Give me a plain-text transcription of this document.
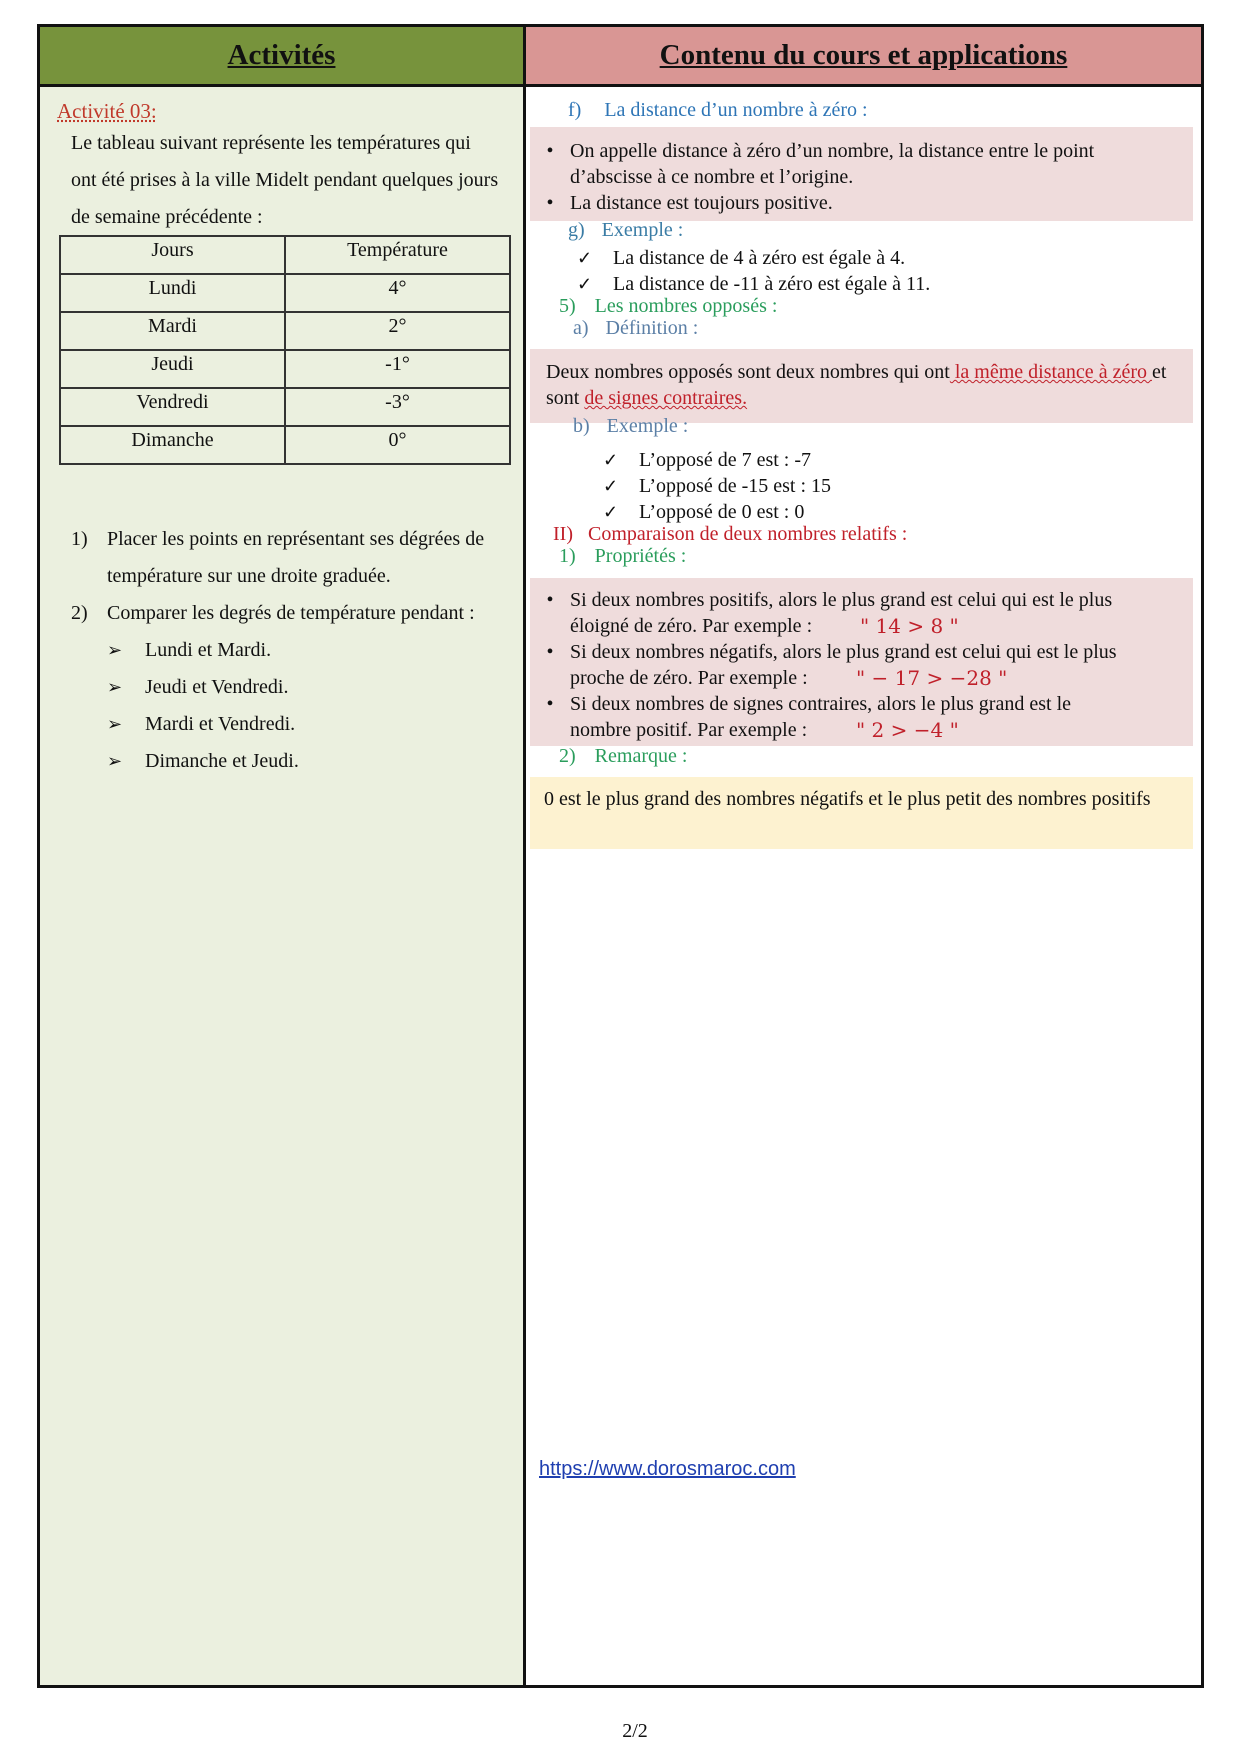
Activités
Activité 03:
Le tableau suivant représente les températures qui ont été prises à la ville Midelt pendant quelques jours de semaine précédente :
Jours	Température
Lundi	4°
Mardi	2°
Jeudi	-1°
Vendredi	-3°
Dimanche	0°
1) Placer les points en représentant ses dégrées de température sur une droite graduée.
2) Comparer les degrés de température pendant :
➢	Lundi et Mardi.
➢	Jeudi et Vendredi.
➢	Mardi et Vendredi.
➢	Dimanche et Jeudi.
Contenu du cours et applications
f) La distance d’un nombre à zéro :
• On appelle distance à zéro d’un nombre, la distance entre le point d’abscisse à ce nombre et l’origine.
• La distance est toujours positive.
g) Exemple :
✓	La distance de 4 à zéro est égale à 4.
✓	La distance de -11 à zéro est égale à 11.
5) Les nombres opposés :
a) Définition :
Deux nombres opposés sont deux nombres qui ont la même distance à zéro et sont de signes contraires.
b) Exemple :
✓	L’opposé de 7 est : -7
✓	L’opposé de -15 est : 15
✓	L’opposé de 0 est : 0
II) Comparaison de deux nombres relatifs :
1) Propriétés :
• Si deux nombres positifs, alors le plus grand est celui qui est le plus
éloigné de zéro. Par exemple :	" 14 > 8 "
• Si deux nombres négatifs, alors le plus grand est celui qui est le plus
proche de zéro. Par exemple :	" − 17 > −28 "
• Si deux nombres de signes contraires, alors le plus grand est le
nombre positif. Par exemple :	" 2 > −4 "
2) Remarque :
0 est le plus grand des nombres négatifs et le plus petit des nombres positifs
https://www.dorosmaroc.com
2/2
